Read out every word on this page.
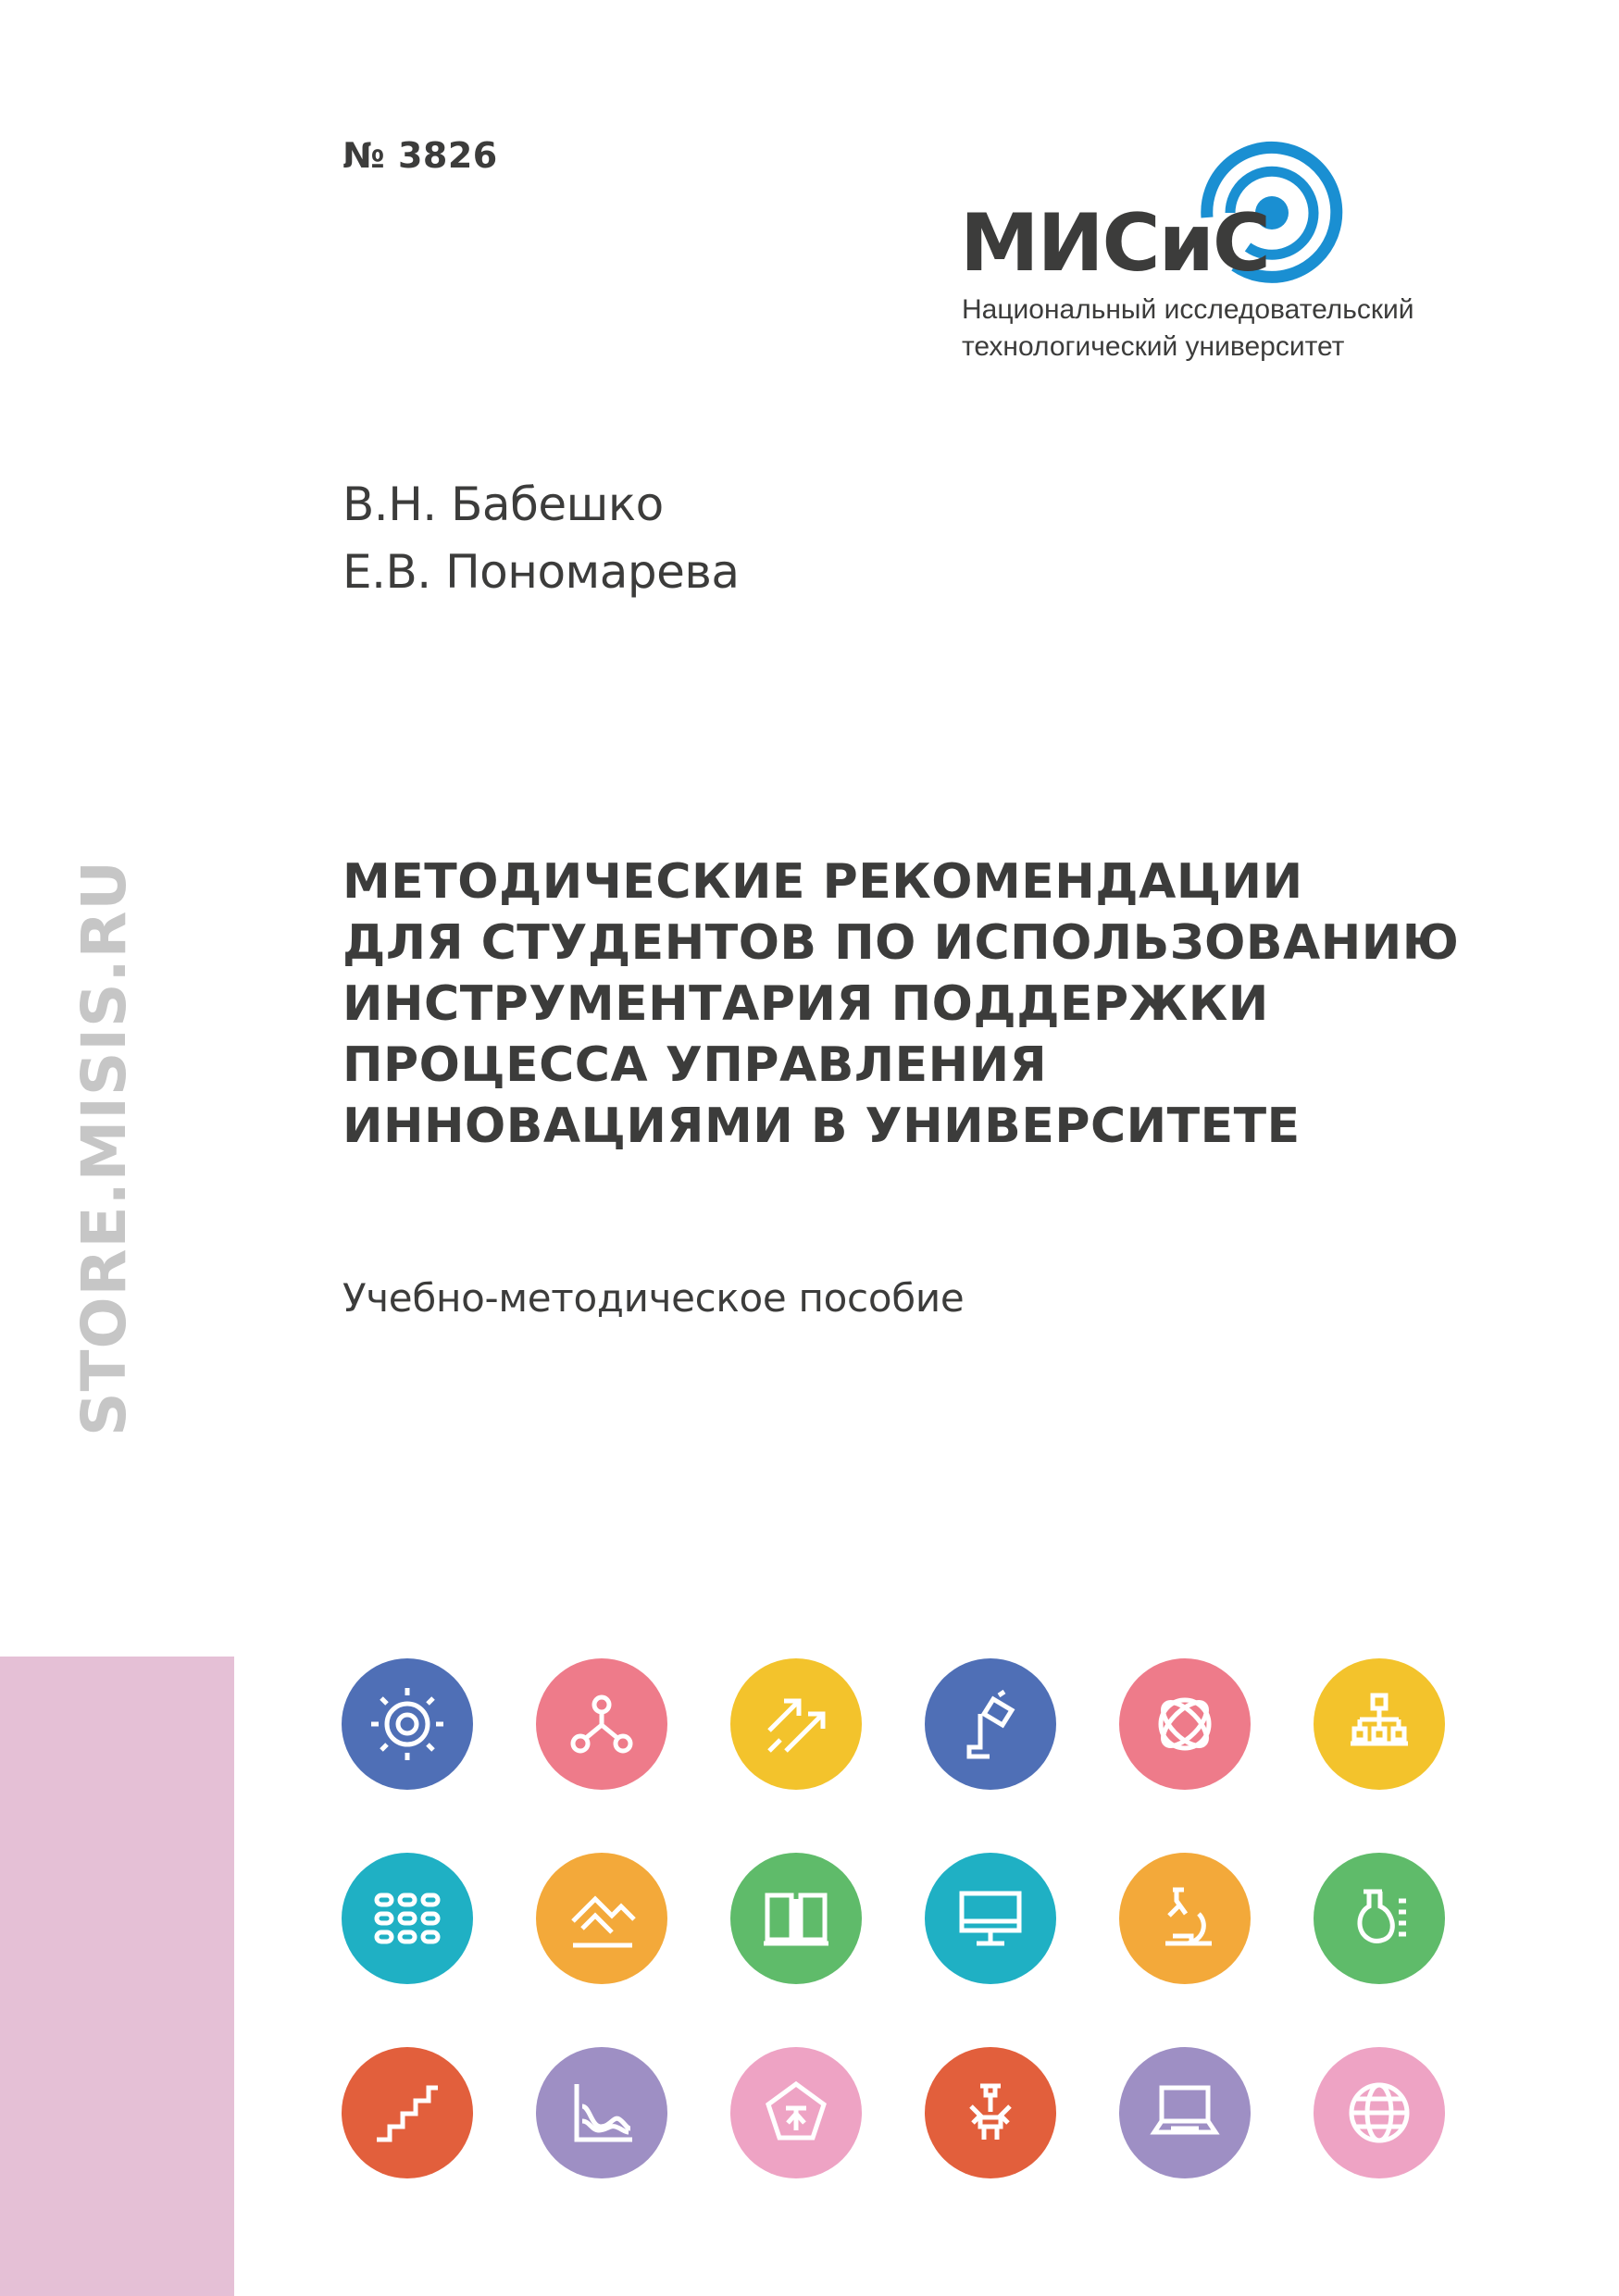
№ 3826
МИСиС
Национальный исследовательский
технологический университет
В.Н. Бабешко
Е.В. Пономарева
МЕТОДИЧЕСКИЕ РЕКОМЕНДАЦИИ
ДЛЯ СТУДЕНТОВ ПО ИСПОЛЬЗОВАНИЮ
ИНСТРУМЕНТАРИЯ ПОДДЕРЖКИ
ПРОЦЕССА УПРАВЛЕНИЯ
ИННОВАЦИЯМИ В УНИВЕРСИТЕТЕ
Учебно-методическое пособие
STORE.MISIS.RU
